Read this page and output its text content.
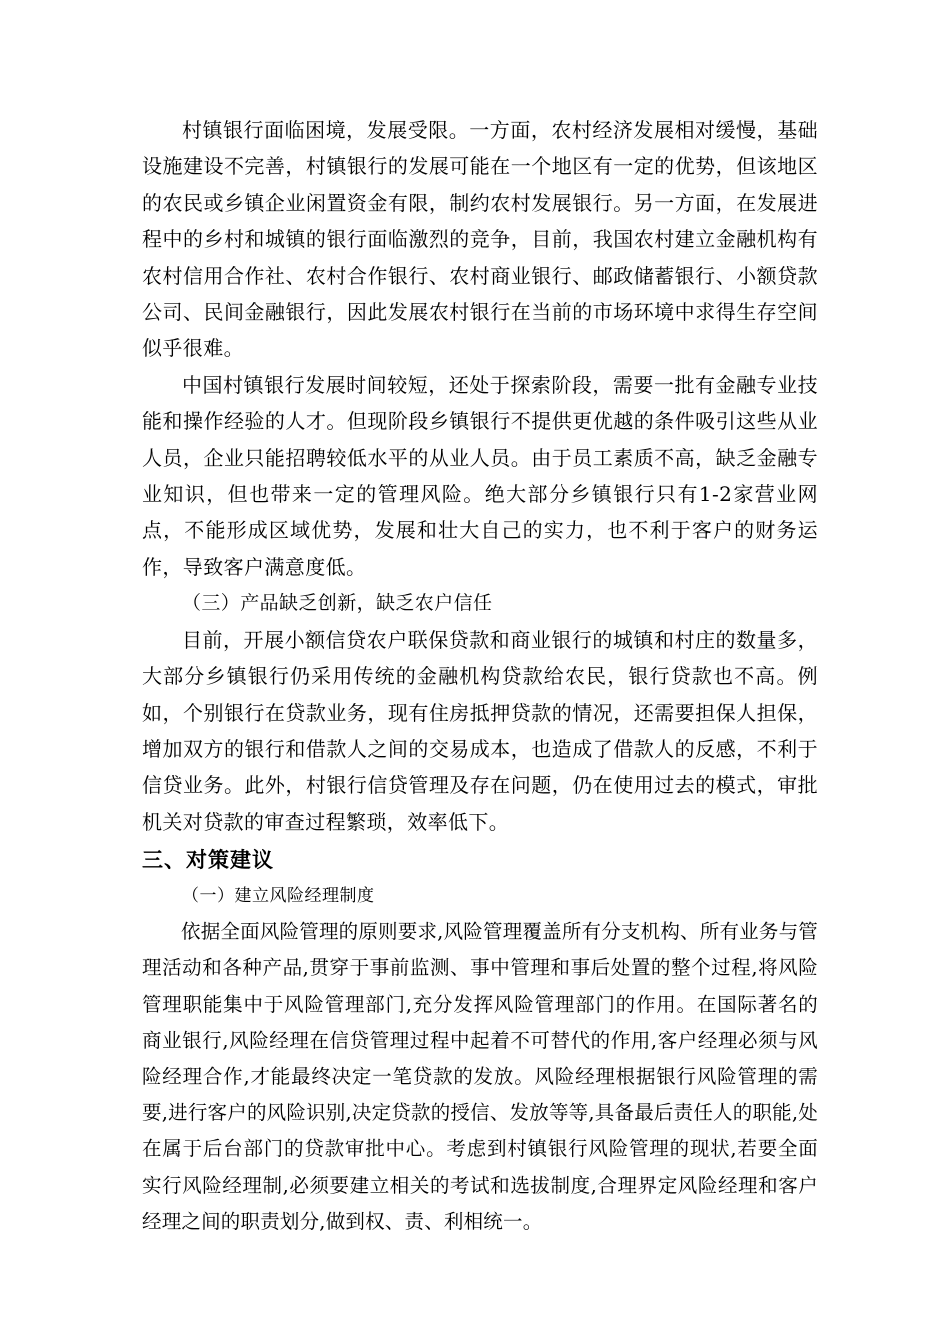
村镇银行面临困境，发展受限。一方面，农村经济发展相对缓慢，基础设施建设不完善，村镇银行的发展可能在一个地区有一定的优势，但该地区的农民或乡镇企业闲置资金有限，制约农村发展银行。另一方面，在发展进程中的乡村和城镇的银行面临激烈的竞争，目前，我国农村建立金融机构有农村信用合作社、农村合作银行、农村商业银行、邮政储蓄银行、小额贷款公司、民间金融银行，因此发展农村银行在当前的市场环境中求得生存空间似乎很难。

中国村镇银行发展时间较短，还处于探索阶段，需要一批有金融专业技能和操作经验的人才。但现阶段乡镇银行不提供更优越的条件吸引这些从业人员，企业只能招聘较低水平的从业人员。由于员工素质不高，缺乏金融专业知识，但也带来一定的管理风险。绝大部分乡镇银行只有1-2家营业网点，不能形成区域优势，发展和壮大自己的实力，也不利于客户的财务运作，导致客户满意度低。

（三）产品缺乏创新，缺乏农户信任

目前，开展小额信贷农户联保贷款和商业银行的城镇和村庄的数量多，大部分乡镇银行仍采用传统的金融机构贷款给农民，银行贷款也不高。例如，个别银行在贷款业务，现有住房抵押贷款的情况，还需要担保人担保，增加双方的银行和借款人之间的交易成本，也造成了借款人的反感，不利于信贷业务。此外，村银行信贷管理及存在问题，仍在使用过去的模式，审批机关对贷款的审查过程繁琐，效率低下。

三、对策建议

（一）建立风险经理制度

依据全面风险管理的原则要求,风险管理覆盖所有分支机构、所有业务与管理活动和各种产品,贯穿于事前监测、事中管理和事后处置的整个过程,将风险管理职能集中于风险管理部门,充分发挥风险管理部门的作用。在国际著名的商业银行,风险经理在信贷管理过程中起着不可替代的作用,客户经理必须与风险经理合作,才能最终决定一笔贷款的发放。风险经理根据银行风险管理的需要,进行客户的风险识别,决定贷款的授信、发放等等,具备最后责任人的职能,处在属于后台部门的贷款审批中心。考虑到村镇银行风险管理的现状,若要全面实行风险经理制,必须要建立相关的考试和选拔制度,合理界定风险经理和客户经理之间的职责划分,做到权、责、利相统一。
